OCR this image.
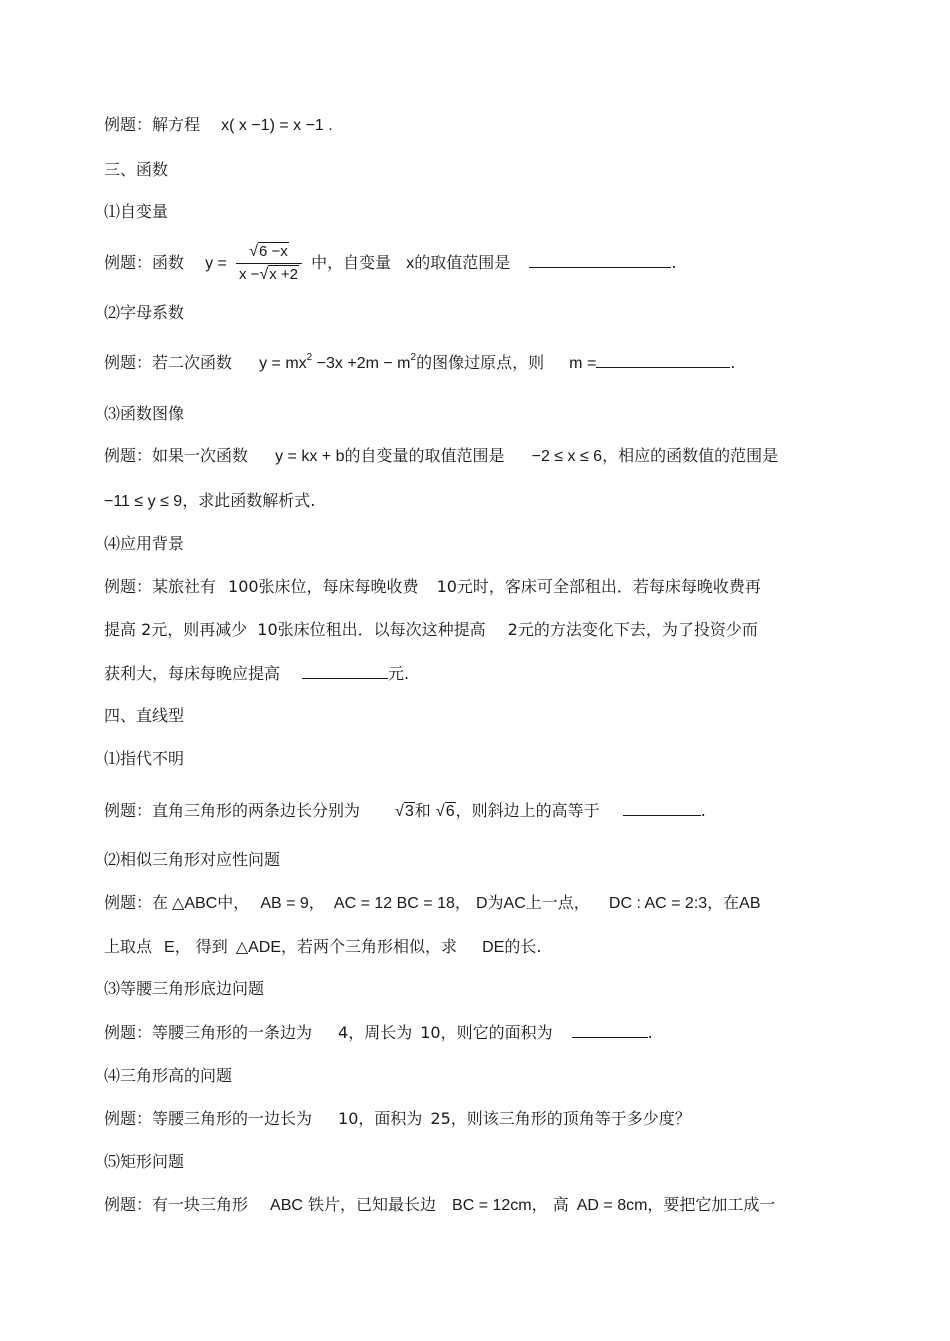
例题：解方程 x( x −1) = x −1 .
三、函数
⑴自变量
例题：函数 $y = \frac{√6 -x}{x -√x +2}$ 中，自变量 x的取值范围是	.
⑵字母系数
例题：若二次函数 $y = mx^2 -3x +2m - m^2$的图像过原点，则 m =	.
⑶函数图像
例题：如果一次函数 y = kx + b的自变量的取值范围是 −2 ≤ x ≤ 6，相应的函数值的范围是
−11 ≤ y ≤ 9，求此函数解析式.
⑷应用背景
例题：某旅社有 100张床位，每床每晚收费 10元时，客床可全部租出．若每床每晚收费再
提高 2元，则再减少 10张床位租出．以每次这种提高 2元的方法变化下去，为了投资少而
获利大，每床每晚应提高	元.
四、直线型
⑴指代不明
例题：直角三角形的两条边长分别为 √3和 √6，则斜边上的高等于	.
⑵相似三角形对应性问题
例题：在 △ABC中， AB = 9， AC = 12 BC = 18， D为AC上一点， DC : AC = 2:3，在AB
上取点 E， 得到 △ADE，若两个三角形相似，求 DE的长.
⑶等腰三角形底边问题
例题：等腰三角形的一条边为 4，周长为 10，则它的面积为	.
⑷三角形高的问题
例题：等腰三角形的一边长为 10，面积为 25，则该三角形的顶角等于多少度？
⑸矩形问题
例题：有一块三角形 ABC 铁片，已知最长边 BC = 12cm， 高 AD = 8cm，要把它加工成一
